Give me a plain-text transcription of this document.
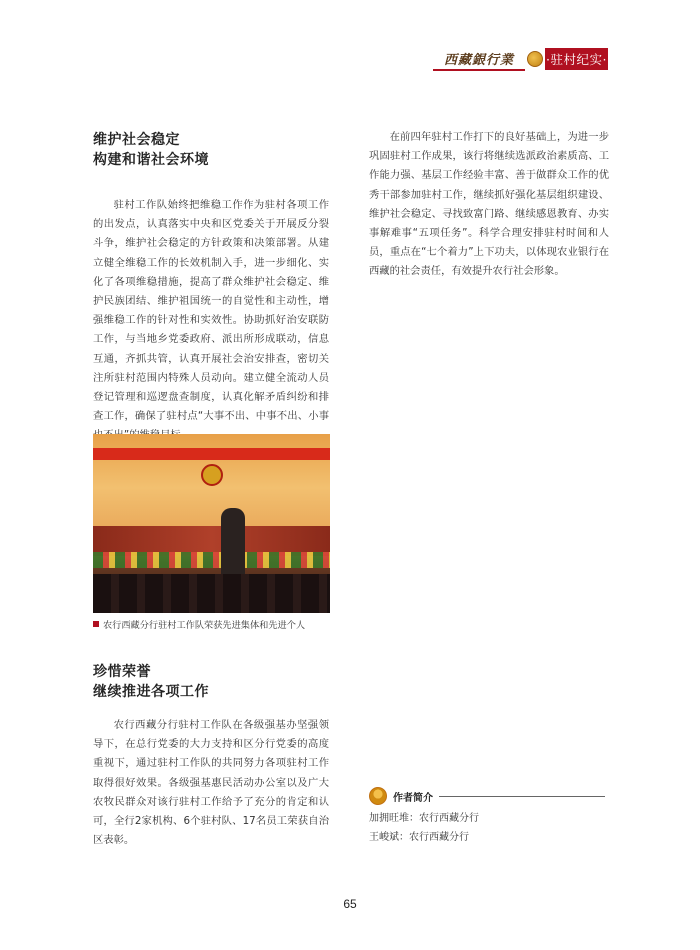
西藏銀行業	·驻村纪实·
维护社会稳定
构建和谐社会环境

驻村工作队始终把维稳工作作为驻村各项工作的出发点，认真落实中央和区党委关于开展反分裂斗争，维护社会稳定的方针政策和决策部署。从建立健全维稳工作的长效机制入手，进一步细化、实化了各项维稳措施，提高了群众维护社会稳定、维护民族团结、维护祖国统一的自觉性和主动性，增强维稳工作的针对性和实效性。协助抓好治安联防工作，与当地乡党委政府、派出所形成联动，信息互通，齐抓共管，认真开展社会治安排查，密切关注所驻村范围内特殊人员动向。建立健全流动人员登记管理和巡逻盘查制度，认真化解矛盾纠纷和排查工作，确保了驻村点“大事不出、中事不出、小事

农行西藏分行驻村工作队荣获先进集体和先进个人
珍惜荣誉
继续推进各项工作

农行西藏分行驻村工作队在各级强基办坚强领导下，在总行党委的大力支持和区分行党委的高度重视下，通过驻村工作队的共同努力各项驻村工作取得很好效果。各级强基惠民活动办公室以及广大农牧民群众对该行驻村工作给予了充分的肯定和认可，全行2家机构、6个驻村队、17名员工荣获自治区表彰。

在前四年驻村工作打下的良好基础上，为进一步巩固驻村工作成果，该行将继续选派政治素质高、工作能力强、基层工作经验丰富、善于做群众工作的优秀干部参加驻村工作，继续抓好强化基层组织建设、维护社会稳定、寻找致富门路、继续感恩教育、办实事解难事“五项任务”。科学合理安排驻村时间和人员，重点在“七个着力”上下功夫，以体现农业银行在西藏的社会责任，有效提升农行社会形象。

作者简介
加拥旺堆：农行西藏分行
王峻斌：农行西藏分行
65
